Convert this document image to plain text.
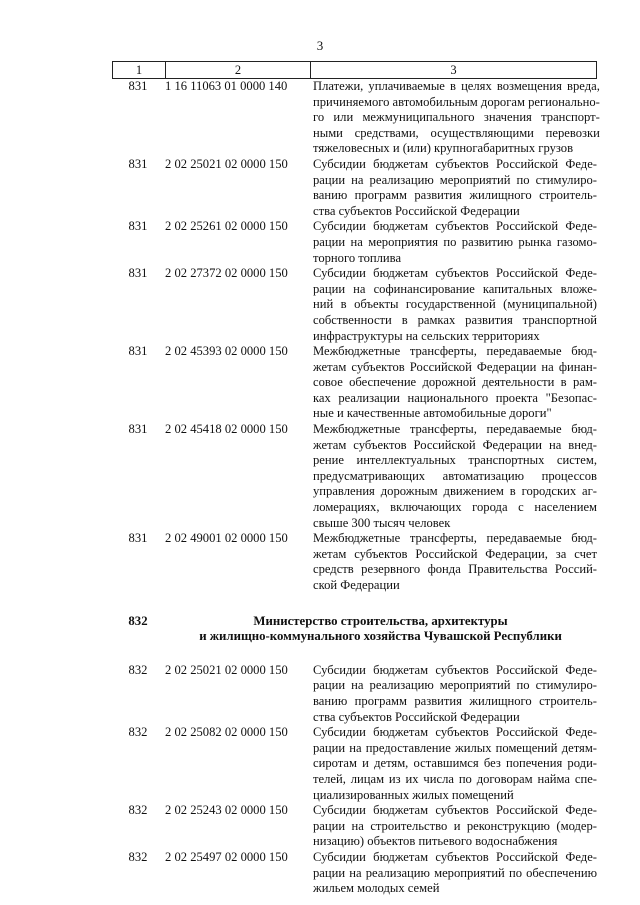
3
1	2	3
831	1 16 11063 01 0000 140	Платежи, уплачиваемые в целях возмещения вреда,
причиняемого автомобильным дорогам регионально-
го или межмуниципального значения транспорт-
ными средствами, осуществляющими перевозки
тяжеловесных и (или) крупногабаритных грузов
831	2 02 25021 02 0000 150	Субсидии бюджетам субъектов Российской Феде-
рации на реализацию мероприятий по стимулиро-
ванию программ развития жилищного строитель-
ства субъектов Российской Федерации
831	2 02 25261 02 0000 150	Субсидии бюджетам субъектов Российской Феде-
рации на мероприятия по развитию рынка газомо-
торного топлива
831	2 02 27372 02 0000 150	Субсидии бюджетам субъектов Российской Феде-
рации на софинансирование капитальных вложе-
ний в объекты государственной (муниципальной)
собственности в рамках развития транспортной
инфраструктуры на сельских территориях
831	2 02 45393 02 0000 150	Межбюджетные трансферты, передаваемые бюд-
жетам субъектов Российской Федерации на финан-
совое обеспечение дорожной деятельности в рам-
ках реализации национального проекта "Безопас-
ные и качественные автомобильные дороги"
831	2 02 45418 02 0000 150	Межбюджетные трансферты, передаваемые бюд-
жетам субъектов Российской Федерации на внед-
рение интеллектуальных транспортных систем,
предусматривающих автоматизацию процессов
управления дорожным движением в городских аг-
ломерациях, включающих города с населением
свыше 300 тысяч человек
831	2 02 49001 02 0000 150	Межбюджетные трансферты, передаваемые бюд-
жетам субъектов Российской Федерации, за счет
средств резервного фонда Правительства Россий-
ской Федерации
832	Министерство строительства, архитектуры
и жилищно-коммунального хозяйства Чувашской Республики
832	2 02 25021 02 0000 150	Субсидии бюджетам субъектов Российской Феде-
рации на реализацию мероприятий по стимулиро-
ванию программ развития жилищного строитель-
ства субъектов Российской Федерации
832	2 02 25082 02 0000 150	Субсидии бюджетам субъектов Российской Феде-
рации на предоставление жилых помещений детям-
сиротам и детям, оставшимся без попечения роди-
телей, лицам из их числа по договорам найма спе-
циализированных жилых помещений
832	2 02 25243 02 0000 150	Субсидии бюджетам субъектов Российской Феде-
рации на строительство и реконструкцию (модер-
низацию) объектов питьевого водоснабжения
832	2 02 25497 02 0000 150	Субсидии бюджетам субъектов Российской Феде-
рации на реализацию мероприятий по обеспечению
жильем молодых семей
